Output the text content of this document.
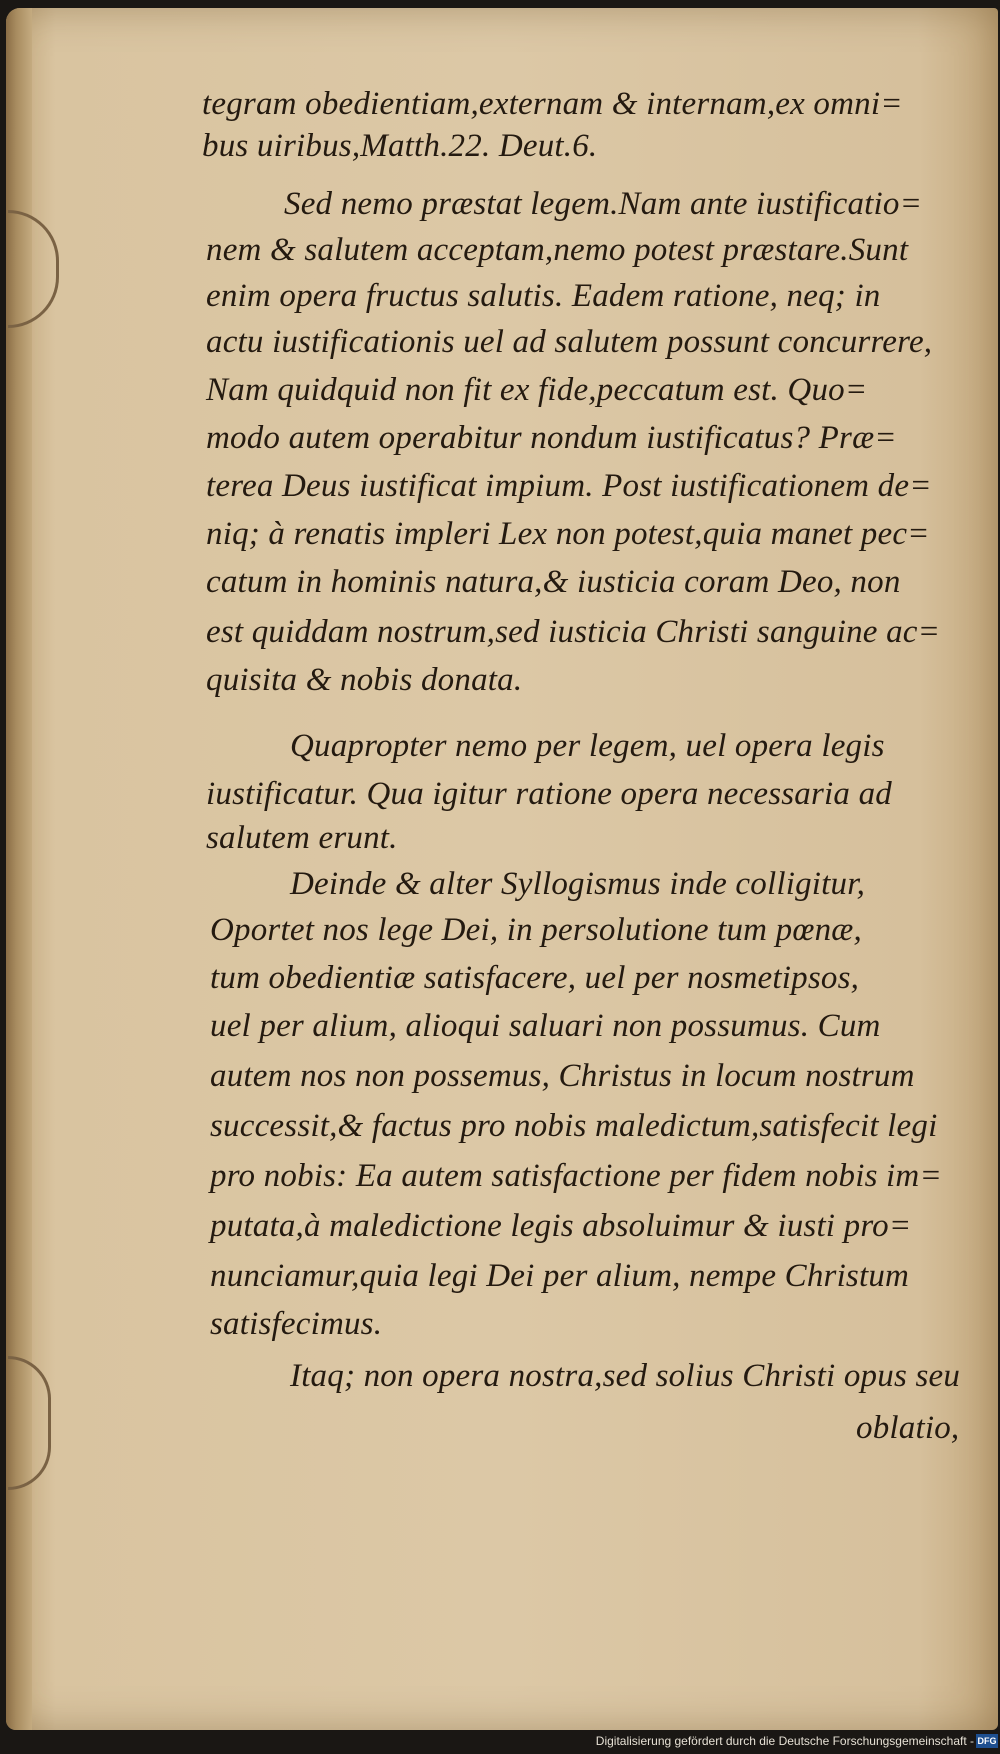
tegram obedientiam,externam & internam,ex omni=
bus uiribus,Matth.22. Deut.6.
Sed nemo præstat legem.Nam ante iustificatio=
nem & salutem acceptam,nemo potest præstare.Sunt
enim opera fructus salutis. Eadem ratione, neq; in
actu iustificationis uel ad salutem possunt concurrere,
Nam quidquid non fit ex fide,peccatum est. Quo=
modo autem operabitur nondum iustificatus? Præ=
terea Deus iustificat impium. Post iustificationem de=
niq; à renatis impleri Lex non potest,quia manet pec=
catum in hominis natura,& iusticia coram Deo, non
est quiddam nostrum,sed iusticia Christi sanguine ac=
quisita & nobis donata.
Quapropter nemo per legem, uel opera legis
iustificatur. Qua igitur ratione opera necessaria ad
salutem erunt.
Deinde & alter Syllogismus inde colligitur,
Oportet nos lege Dei, in persolutione tum pœnæ,
tum obedientiæ satisfacere, uel per nosmetipsos,
uel per alium, alioqui saluari non possumus. Cum
autem nos non possemus, Christus in locum nostrum
successit,& factus pro nobis maledictum,satisfecit legi
pro nobis: Ea autem satisfactione per fidem nobis im=
putata,à maledictione legis absoluimur & iusti pro=
nunciamur,quia legi Dei per alium, nempe Christum
satisfecimus.
Itaq; non opera nostra,sed solius Christi opus seu
oblatio,
Digitalisierung gefördert durch die Deutsche Forschungsgemeinschaft - DFG
